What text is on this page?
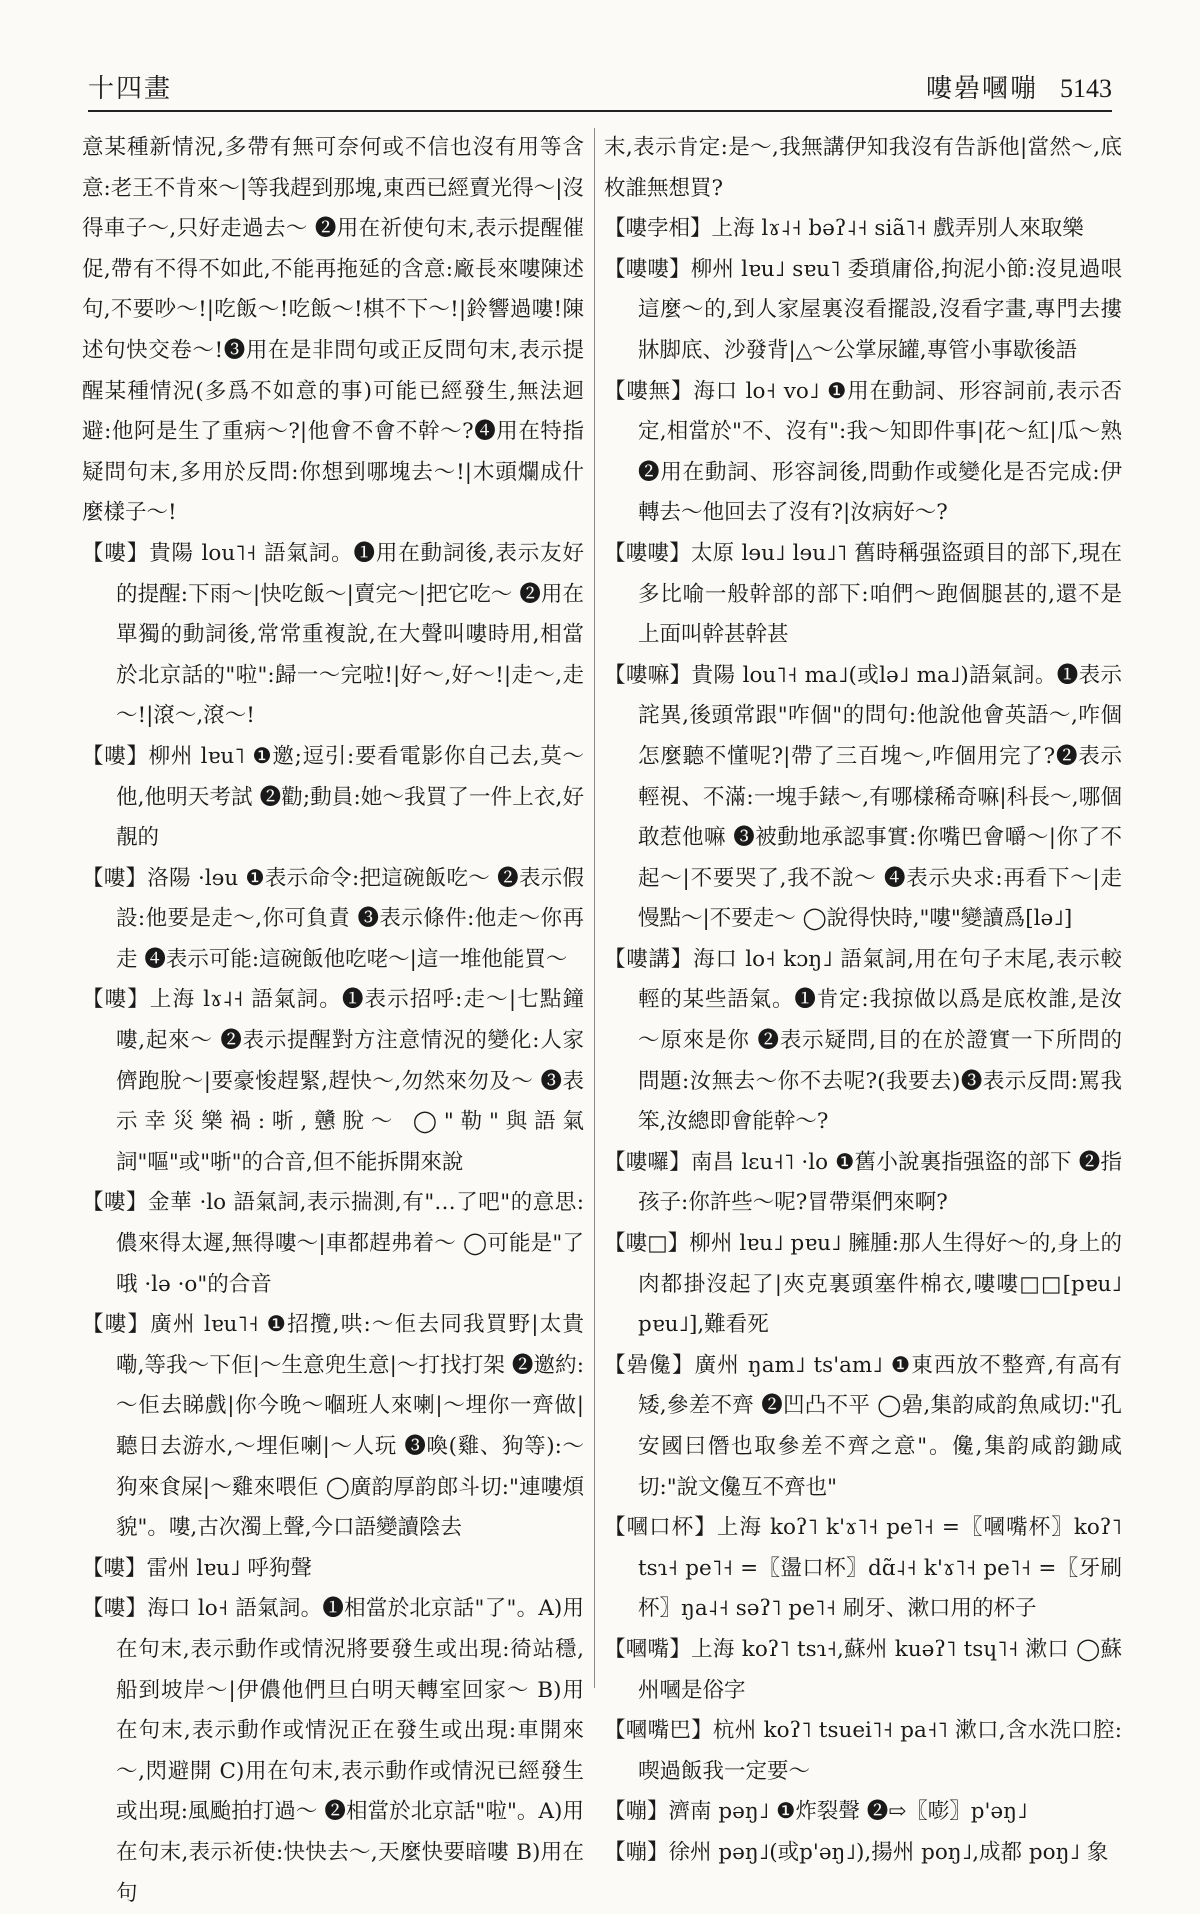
十四畫	嘍碞嘓嘣 5143

意某種新情況,多帶有無可奈何或不信也沒有用等含意:老王不肯來～|等我趕到那塊,東西已經賣光得～|沒得車子～,只好走過去～ ❷用在祈使句末,表示提醒催促,帶有不得不如此,不能再拖延的含意:廠長來嘍陳述句,不要吵～!|吃飯～!吃飯～!棋不下～!|鈴響過嘍!陳述句快交卷～!❸用在是非問句或正反問句末,表示提醒某種情況(多爲不如意的事)可能已經發生,無法迴避:他阿是生了重病～?|他會不會不幹～?❹用在特指疑問句末,多用於反問:你想到哪塊去～!|木頭爛成什麼樣子～!

【嘍】貴陽 lou˥˧ 語氣詞。❶用在動詞後,表示友好的提醒:下雨～|快吃飯～|賣完～|把它吃～ ❷用在單獨的動詞後,常常重複說,在大聲叫嘍時用,相當於北京話的"啦":歸一～完啦!|好～,好～!|走～,走～!|滾～,滾～!

【嘍】柳州 lɐu˥ ❶邀;逗引:要看電影你自己去,莫～他,他明天考試 ❷勸;動員:她～我買了一件上衣,好靚的

【嘍】洛陽 ·lɘu ❶表示命令:把這碗飯吃～ ❷表示假設:他要是走～,你可負責 ❸表示條件:他走～你再走 ❹表示可能:這碗飯他吃咾～|這一堆他能買～

【嘍】上海 lɤ˨˧ 語氣詞。❶表示招呼:走～|七點鐘嘍,起來～ ❷表示提醒對方注意情況的變化:人家儕跑脫～|要豪悛趕緊,趕快～,勿然來勿及～ ❸表示幸災樂禍:哳,戇脫～ ◯"勒"與語氣詞"嘔"或"哳"的合音,但不能拆開來說

【嘍】金華 ·lo 語氣詞,表示揣測,有"…了吧"的意思:儂來得太遲,無得嘍～|車都趕弗着～ ◯可能是"了哦 ·lə ·o"的合音

【嘍】廣州 lɐu˥˧ ❶招攬,哄:～佢去同我買野|太貴嘞,等我～下佢|～生意兜生意|～打找打架 ❷邀約:～佢去睇戲|你今晚～嗰班人來喇|～埋你一齊做|聽日去游水,～埋佢喇|～人玩 ❸喚(雞、狗等):～狗來食屎|～雞來喂佢 ◯廣韵厚韵郎斗切:"連嘍煩貌"。嘍,古次濁上聲,今口語變讀陰去

【嘍】雷州 lɐu˩ 呼狗聲

【嘍】海口 lo˧ 語氣詞。❶相當於北京話"了"。A)用在句末,表示動作或情況將要發生或出現:徛站穩,船到坡岸～|伊儂他們旦白明天轉室回家～ B)用在句末,表示動作或情況正在發生或出現:車開來～,閃避開 C)用在句末,表示動作或情況已經發生或出現:風颱拍打過～ ❷相當於北京話"啦"。A)用在句末,表示祈使:快快去～,天麼快要暗嘍 B)用在句

末,表示肯定:是～,我無講伊知我沒有告訴他|當然～,底枚誰無想買?

【嘍孛相】上海 lɤ˨˧ bəʔ˨˧ siã˥˧ 戲弄別人來取樂

【嘍嘍】柳州 lɐu˩ sɐu˥ 委瑣庸俗,拘泥小節:沒見過哏這麼～的,到人家屋裏沒看擺設,沒看字畫,專門去摟牀脚底、沙發背|△～公掌尿罐,專管小事歇後語

【嘍無】海口 lo˧ vo˩ ❶用在動詞、形容詞前,表示否定,相當於"不、沒有":我～知即件事|花～紅|瓜～熟 ❷用在動詞、形容詞後,問動作或變化是否完成:伊轉去～他回去了沒有?|汝病好～?

【嘍嘍】太原 lɘu˩ lɘu˩˥ 舊時稱强盜頭目的部下,現在多比喻一般幹部的部下:咱們～跑個腿甚的,還不是上面叫幹甚幹甚

【嘍嘛】貴陽 lou˥˧ ma˩(或lə˩ ma˩)語氣詞。❶表示詫異,後頭常跟"咋個"的問句:他說他會英語～,咋個怎麼聽不懂呢?|帶了三百塊～,咋個用完了?❷表示輕視、不滿:一塊手錶～,有哪樣稀奇嘛|科長～,哪個敢惹他嘛 ❸被動地承認事實:你嘴巴會嚼～|你了不起～|不要哭了,我不說～ ❹表示央求:再看下～|走慢點～|不要走～ ◯說得快時,"嘍"變讀爲[lə˩]

【嘍講】海口 lo˧ kɔŋ˩ 語氣詞,用在句子末尾,表示較輕的某些語氣。❶肯定:我掠做以爲是底枚誰,是汝～原來是你 ❷表示疑問,目的在於證實一下所問的問題:汝無去～你不去呢?(我要去)❸表示反問:罵我笨,汝總即會能幹～?

【嘍囉】南昌 lɛu˧˥ ·lo ❶舊小說裏指强盜的部下 ❷指孩子:你許些～呢?冒帶渠們來啊?

【嘍□】柳州 lɐu˩ pɐu˩ 臃腫:那人生得好～的,身上的肉都掛沒起了|夾克裏頭塞件棉衣,嘍嘍□□[pɐu˩ pɐu˩],難看死

【碞儳】廣州 ŋam˩ ts'am˩ ❶東西放不整齊,有高有矮,參差不齊 ❷凹凸不平 ◯碞,集韵咸韵魚咸切:"孔安國曰僭也取參差不齊之意"。儳,集韵咸韵鋤咸切:"說文儳互不齊也"

【嘓口杯】上海 koʔ˥ k'ɤ˥˧ pe˥˧ =〖嘓嘴杯〗koʔ˥ tsɿ˧ pe˥˧ =〖盪口杯〗dɑ̃˨˧ k'ɤ˥˧ pe˥˧ =〖牙刷杯〗ŋa˨˧ səʔ˥ pe˥˧ 刷牙、漱口用的杯子

【嘓嘴】上海 koʔ˥ tsɿ˧,蘇州 kuəʔ˥ tsɥ˥˧ 漱口 ◯蘇州嘓是俗字

【嘓嘴巴】杭州 koʔ˥ tsuei˥˧ pa˧˥ 漱口,含水洗口腔:喫過飯我一定要～

【嘣】濟南 pəŋ˩ ❶炸裂聲 ❷⇨〖嘭〗p'əŋ˩

【嘣】徐州 pəŋ˩(或p'əŋ˩),揚州 poŋ˩,成都 poŋ˩ 象
